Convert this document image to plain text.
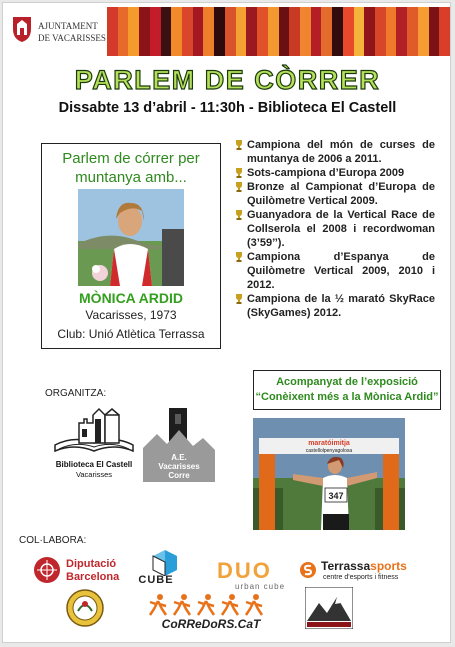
AJUNTAMENT
DE VACARISSES
PARLEM DE CÒRRER
Dissabte 13 d’abril - 11:30h - Biblioteca El Castell
Parlem de córrer per muntanya amb...
MÒNICA ARDID
Vacarisses, 1973
Club: Unió Atlètica Terrassa
Campiona del món de curses de muntanya de 2006 a 2011.
Sots-campiona d’Europa 2009
Bronze al Campionat d’Europa de Quilòmetre Vertical 2009.
Guanyadora de la Vertical Race de Collserola el 2008 i recordwoman (3’59’’).
Campiona d’Espanya de Quilòmetre Vertical 2009, 2010 i 2012.
Campiona de la ½ marató SkyRace (SkyGames) 2012.
ORGANITZA:
Biblioteca El Castell
Vacarisses
A.E.
Vacarisses
Corre
Acompanyat de l’exposició
“Conèixent més a la Mònica Ardid”
maratóimitja
castellolpenyagolosa
347
COL·LABORA:
Diputació
Barcelona	CUBE DUO
urban cube
Terrassasports
centre d'esports i fitness
CoRReDoRS.CaT
